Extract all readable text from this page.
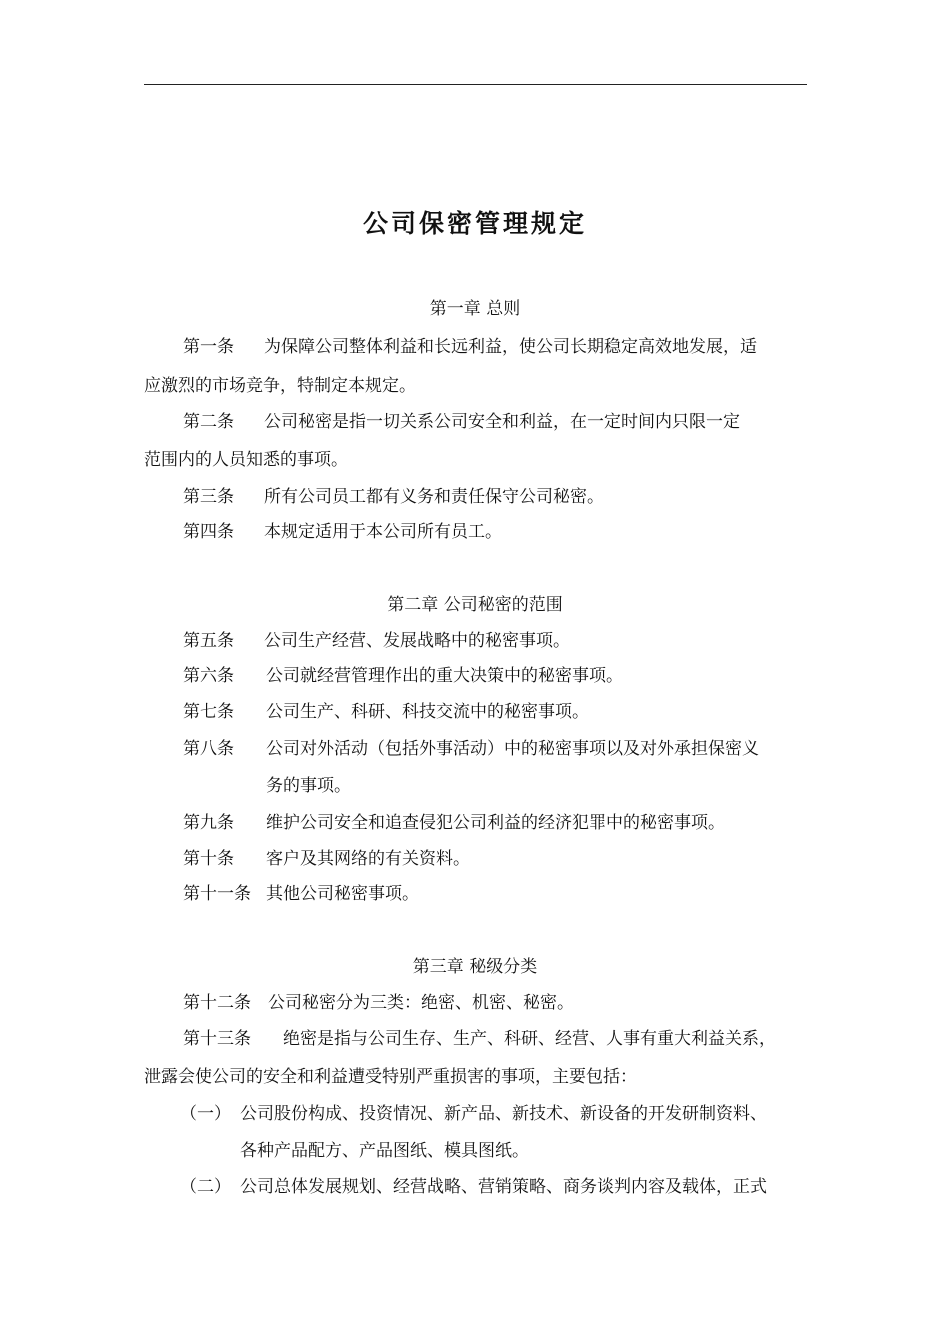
公司保密管理规定
第一章 总则
第一条 为保障公司整体利益和长远利益，使公司长期稳定高效地发展，适
应激烈的市场竞争，特制定本规定。
第二条 公司秘密是指一切关系公司安全和利益，在一定时间内只限一定
范围内的人员知悉的事项。
第三条 所有公司员工都有义务和责任保守公司秘密。
第四条 本规定适用于本公司所有员工。
第二章 公司秘密的范围
第五条 公司生产经营、发展战略中的秘密事项。
第六条 公司就经营管理作出的重大决策中的秘密事项。
第七条 公司生产、科研、科技交流中的秘密事项。
第八条 公司对外活动（包括外事活动）中的秘密事项以及对外承担保密义
务的事项。
第九条 维护公司安全和追查侵犯公司利益的经济犯罪中的秘密事项。
第十条 客户及其网络的有关资料。
第十一条 其他公司秘密事项。
第三章 秘级分类
第十二条 公司秘密分为三类：绝密、机密、秘密。
第十三条 绝密是指与公司生存、生产、科研、经营、人事有重大利益关系，
泄露会使公司的安全和利益遭受特别严重损害的事项，主要包括：
（一） 公司股份构成、投资情况、新产品、新技术、新设备的开发研制资料、
各种产品配方、产品图纸、模具图纸。
（二） 公司总体发展规划、经营战略、营销策略、商务谈判内容及载体，正式
